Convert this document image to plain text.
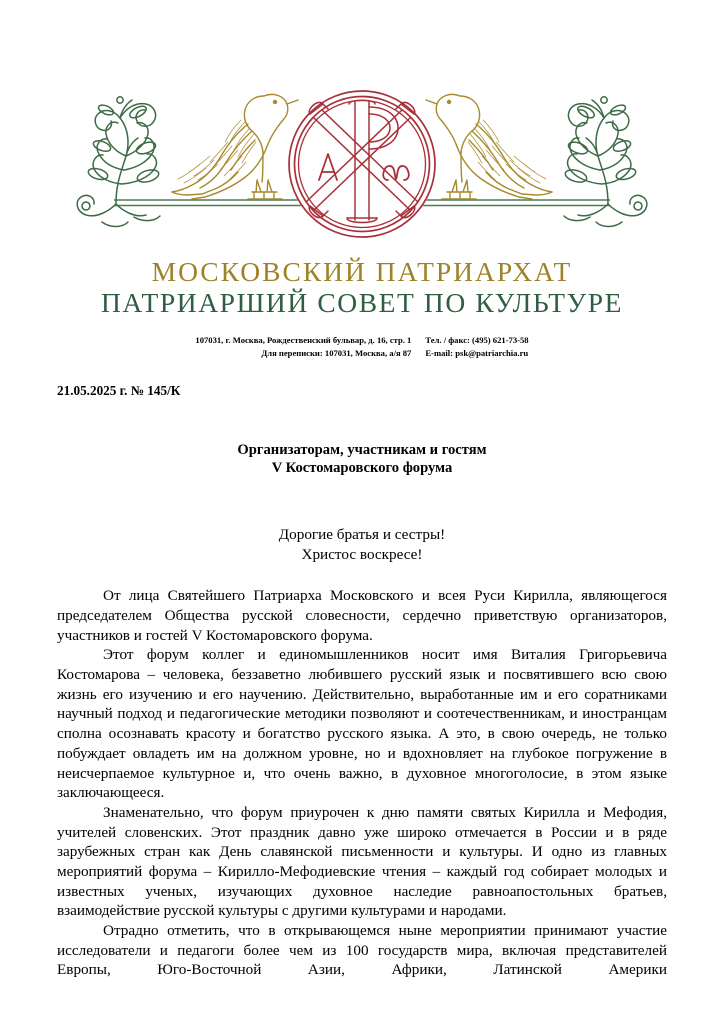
МОСКОВСКИЙ ПАТРИАРХАТ
ПАТРИАРШИЙ СОВЕТ ПО КУЛЬТУРЕ
107031, г. Москва, Рождественский бульвар, д. 16, стр. 1
Для переписки: 107031, Москва, а/я 87
Тел. / факс: (495) 621-73-58
E-mail: psk@patriarchia.ru
21.05.2025 г. № 145/К
Организаторам, участникам и гостям
V Костомаровского форума
Дорогие братья и сестры!
Христос воскресе!

От лица Святейшего Патриарха Московского и всея Руси Кирилла, являющегося председателем Общества русской словесности, сердечно приветствую организаторов, участников и гостей V Костомаровского форума.

Этот форум коллег и единомышленников носит имя Виталия Григорьевича Костомарова – человека, беззаветно любившего русский язык и посвятившего всю свою жизнь его изучению и его научению. Действительно, выработанные им и его соратниками научный подход и педагогические методики позволяют и соотечественникам, и иностранцам сполна осознавать красоту и богатство русского языка. А это, в свою очередь, не только побуждает овладеть им на должном уровне, но и вдохновляет на глубокое погружение в неисчерпаемое культурное и, что очень важно, в духовное многоголосие, в этом языке заключающееся.

Знаменательно, что форум приурочен к дню памяти святых Кирилла и Мефодия, учителей словенских. Этот праздник давно уже широко отмечается в России и в ряде зарубежных стран как День славянской письменности и культуры. И одно из главных мероприятий форума – Кирилло-Мефодиевские чтения – каждый год собирает молодых и известных ученых, изучающих духовное наследие равноапостольных братьев, взаимодействие русской культуры с другими культурами и народами.

Отрадно отметить, что в открывающемся ныне мероприятии принимают участие исследователи и педагоги более чем из 100 государств мира, включая представителей Европы, Юго-Восточной Азии, Африки, Латинской Америки
